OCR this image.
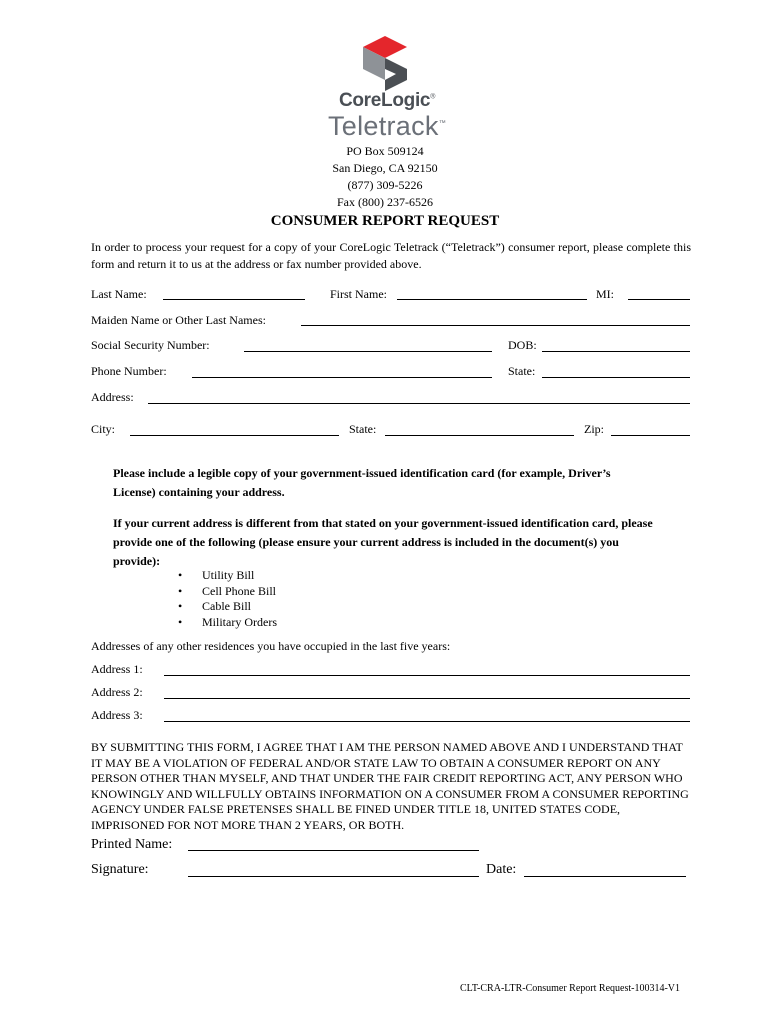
CoreLogic®
Teletrack™
PO Box 509124
San Diego, CA 92150
(877) 309-5226
Fax (800) 237-6526
CONSUMER REPORT REQUEST
In order to process your request for a copy of your CoreLogic Teletrack (“Teletrack”) consumer report, please complete this form and return it to us at the address or fax number provided above.
Last Name:	First Name:	MI:
Maiden Name or Other Last Names:
Social Security Number:	DOB:
Phone Number:	State:
Address:
City:	State:	Zip:
Please include a legible copy of your government-issued identification card (for example, Driver’s License) containing your address.
If your current address is different from that stated on your government-issued identification card, please provide one of the following (please ensure your current address is included in the document(s) you provide):
• Utility Bill
• Cell Phone Bill
• Cable Bill
• Military Orders
Addresses of any other residences you have occupied in the last five years:
Address 1:
Address 2:
Address 3:
BY SUBMITTING THIS FORM, I AGREE THAT I AM THE PERSON NAMED ABOVE AND I UNDERSTAND THAT IT MAY BE A VIOLATION OF FEDERAL AND/OR STATE LAW TO OBTAIN A CONSUMER REPORT ON ANY PERSON OTHER THAN MYSELF, AND THAT UNDER THE FAIR CREDIT REPORTING ACT, ANY PERSON WHO KNOWINGLY AND WILLFULLY OBTAINS INFORMATION ON A CONSUMER FROM A CONSUMER REPORTING AGENCY UNDER FALSE PRETENSES SHALL BE FINED UNDER TITLE 18, UNITED STATES CODE, IMPRISONED FOR NOT MORE THAN 2 YEARS, OR BOTH.
Printed Name:
Signature:	Date:
CLT-CRA-LTR-Consumer Report Request-100314-V1
